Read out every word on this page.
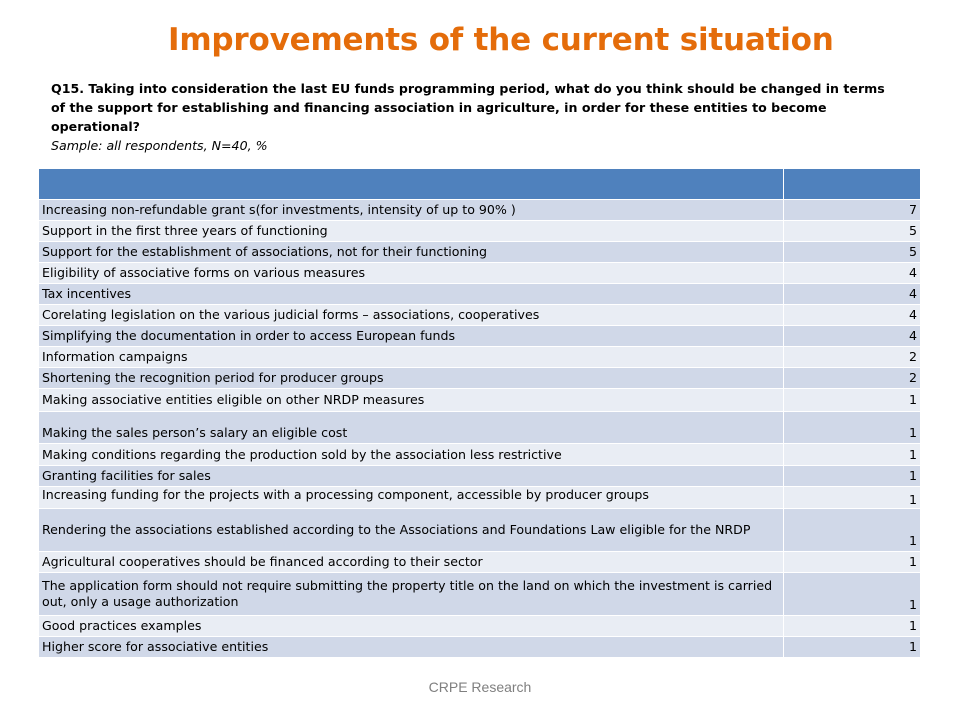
Improvements of the current situation
Q15. Taking into consideration the last EU funds programming period, what do you think should be changed in terms of the support for establishing and financing association in agriculture, in order for these entities to become operational?
Sample: all respondents, N=40, %

Increasing non-refundable grant s(for investments, intensity of up to 90% )	7
Support in the first three years of functioning	5
Support for the establishment of associations, not for their functioning	5
Eligibility of associative forms on various measures	4
Tax incentives	4
Corelating legislation on the various judicial forms – associations, cooperatives	4
Simplifying the documentation in order to access European funds	4
Information campaigns	2
Shortening the recognition period for producer groups	2
Making associative entities eligible on other NRDP measures	1
Making the sales person’s salary an eligible cost	1
Making conditions regarding the production sold by the association less restrictive	1
Granting facilities for sales	1
Increasing funding for the projects with a processing component, accessible by producer groups	1
Rendering the associations established according to the Associations and Foundations Law eligible for the NRDP	1
Agricultural cooperatives should be financed according to their sector	1
The application form should not require submitting the property title on the land on which the investment is carried out, only a usage authorization	1
Good practices examples	1
Higher score for associative entities	1
CRPE Research
